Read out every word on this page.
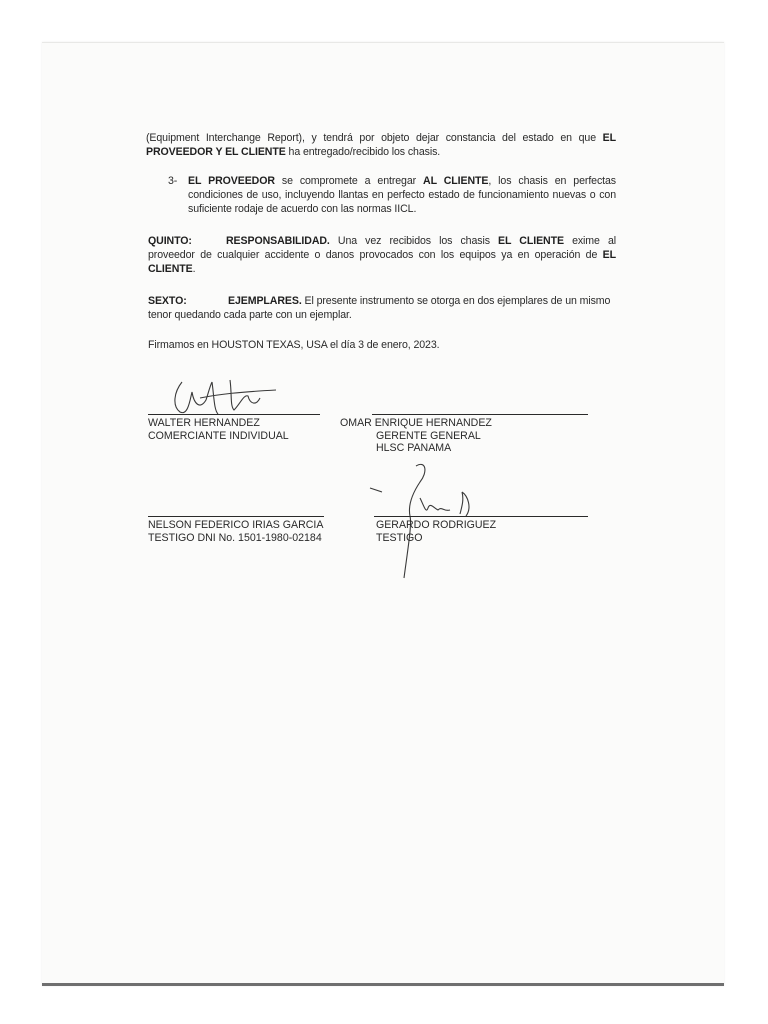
(Equipment Interchange Report), y tendrá por objeto dejar constancia del estado en que EL PROVEEDOR Y EL CLIENTE ha entregado/recibido los chasis.
3- EL PROVEEDOR se compromete a entregar AL CLIENTE, los chasis en perfectas condiciones de uso, incluyendo llantas en perfecto estado de funcionamiento nuevas o con suficiente rodaje de acuerdo con las normas IICL.
QUINTO:	RESPONSABILIDAD. Una vez recibidos los chasis EL CLIENTE exime al proveedor de cualquier accidente o danos provocados con los equipos ya en operación de EL CLIENTE.
SEXTO:	EJEMPLARES. El presente instrumento se otorga en dos ejemplares de un mismo tenor quedando cada parte con un ejemplar.
Firmamos en HOUSTON TEXAS, USA el día 3 de enero, 2023.
WALTER HERNANDEZ
COMERCIANTE INDIVIDUAL
OMAR ENRIQUE HERNANDEZ
GERENTE GENERAL
HLSC PANAMA
NELSON FEDERICO IRIAS GARCIA
TESTIGO DNI No. 1501-1980-02184
GERARDO RODRIGUEZ
TESTIGO
